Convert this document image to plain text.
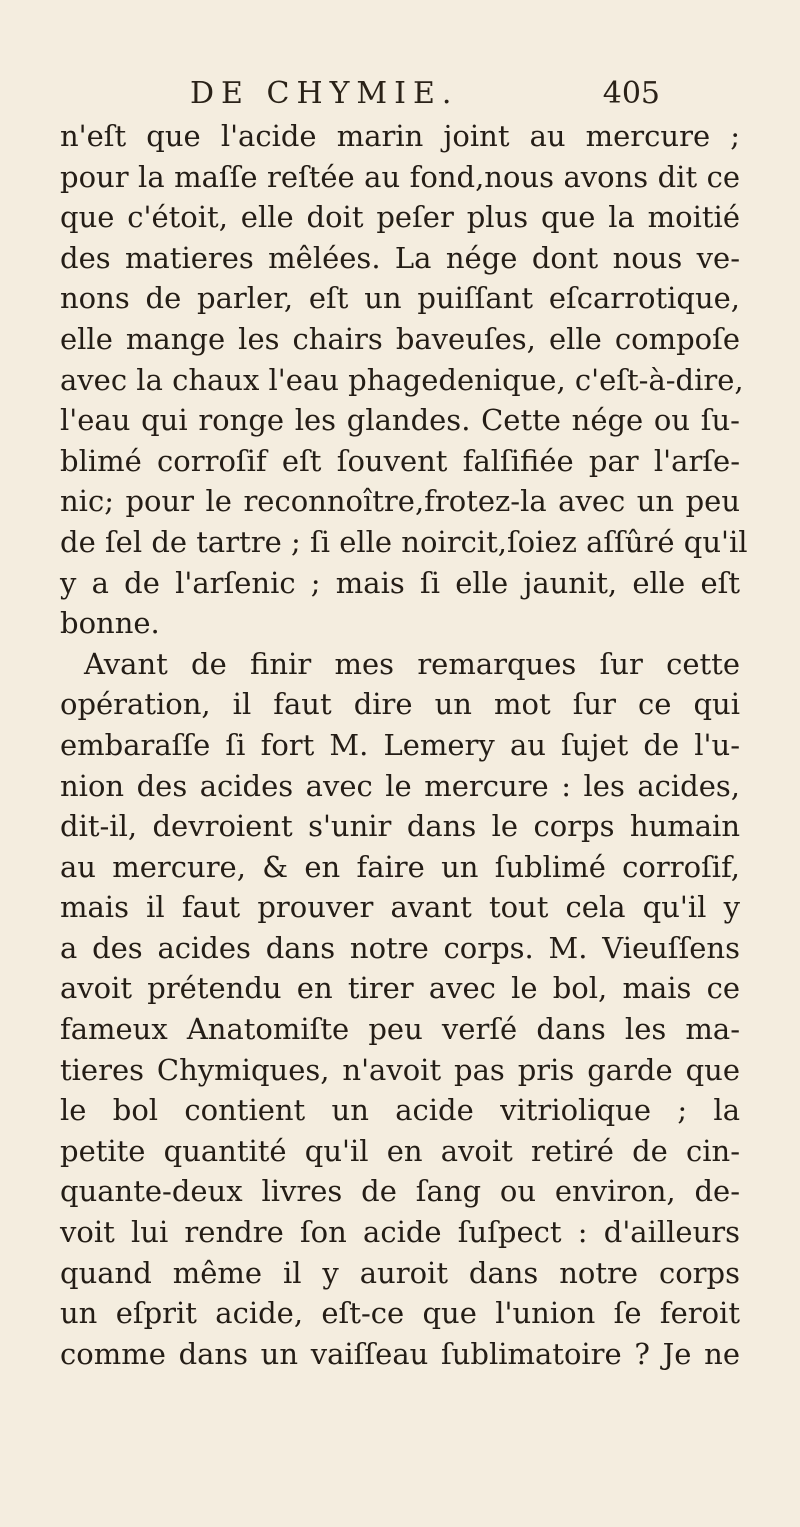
DE CHYMIE.	405
n'eſt que l'acide marin joint au mercure ;
pour la maſſe reſtée au fond,nous avons dit ce
que c'étoit, elle doit peſer plus que la moitié
des matieres mêlées. La nége dont nous ve-
nons de parler, eſt un puiſſant eſcarrotique,
elle mange les chairs baveuſes, elle compoſe
avec la chaux l'eau phagedenique, c'eſt-à-dire,
l'eau qui ronge les glandes. Cette nége ou ſu-
blimé corroſif eſt ſouvent falſifiée par l'arſe-
nic; pour le reconnoître,frotez-la avec un peu
de ſel de tartre ; ſi elle noircit,ſoiez aſſûré qu'il
y a de l'arſenic ; mais ſi elle jaunit, elle eſt
bonne.
Avant de finir mes remarques ſur cette
opération, il faut dire un mot ſur ce qui
embaraſſe ſi fort M. Lemery au ſujet de l'u-
nion des acides avec le mercure : les acides,
dit-il, devroient s'unir dans le corps humain
au mercure, & en faire un ſublimé corroſif,
mais il faut prouver avant tout cela qu'il y
a des acides dans notre corps. M. Vieuſſens
avoit prétendu en tirer avec le bol, mais ce
fameux Anatomiſte peu verſé dans les ma-
tieres Chymiques, n'avoit pas pris garde que
le bol contient un acide vitriolique ; la
petite quantité qu'il en avoit retiré de cin-
quante-deux livres de ſang ou environ, de-
voit lui rendre ſon acide ſuſpect : d'ailleurs
quand même il y auroit dans notre corps
un eſprit acide, eſt-ce que l'union ſe feroit
comme dans un vaiſſeau ſublimatoire ? Je ne
